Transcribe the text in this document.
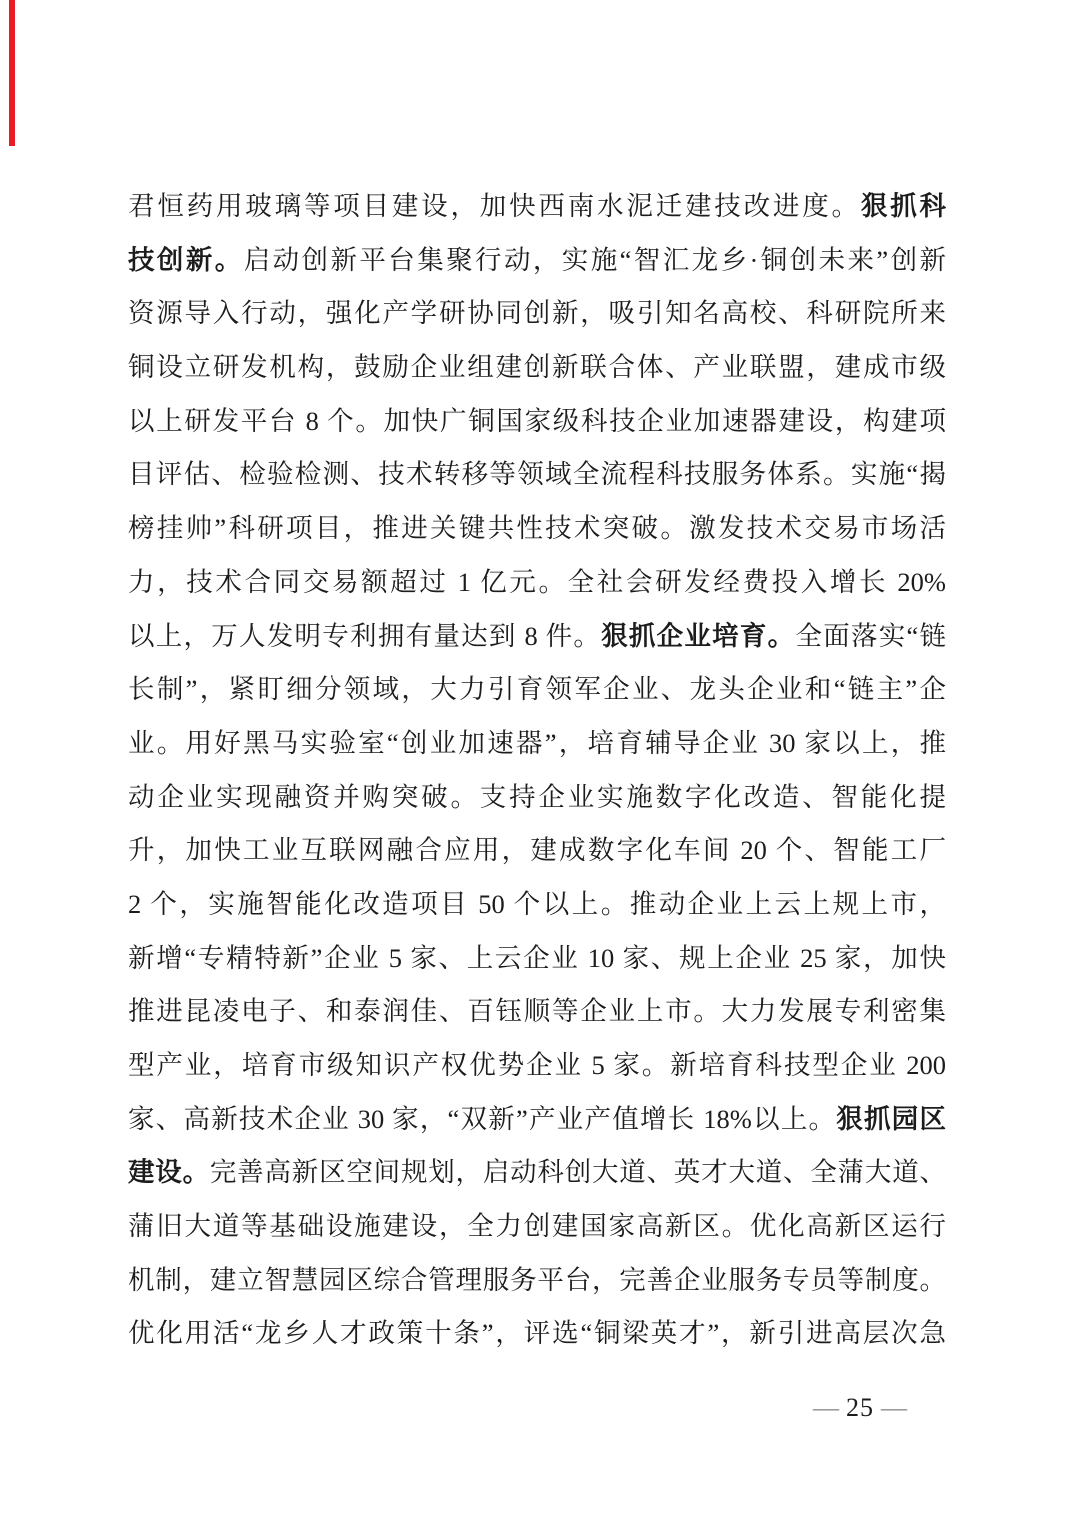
君恒药用玻璃等项目建设，加快西南水泥迁建技改进度。狠抓科
技创新。启动创新平台集聚行动，实施“智汇龙乡·铜创未来”创新
资源导入行动，强化产学研协同创新，吸引知名高校、科研院所来
铜设立研发机构，鼓励企业组建创新联合体、产业联盟，建成市级
以上研发平台 8 个。加快广铜国家级科技企业加速器建设，构建项
目评估、检验检测、技术转移等领域全流程科技服务体系。实施“揭
榜挂帅”科研项目，推进关键共性技术突破。激发技术交易市场活
力，技术合同交易额超过 1 亿元。全社会研发经费投入增长 20%
以上，万人发明专利拥有量达到 8 件。狠抓企业培育。全面落实“链
长制”，紧盯细分领域，大力引育领军企业、龙头企业和“链主”企
业。用好黑马实验室“创业加速器”，培育辅导企业 30 家以上，推
动企业实现融资并购突破。支持企业实施数字化改造、智能化提
升，加快工业互联网融合应用，建成数字化车间 20 个、智能工厂
2 个，实施智能化改造项目 50 个以上。推动企业上云上规上市，
新增“专精特新”企业 5 家、上云企业 10 家、规上企业 25 家，加快
推进昆凌电子、和泰润佳、百钰顺等企业上市。大力发展专利密集
型产业，培育市级知识产权优势企业 5 家。新培育科技型企业 200
家、高新技术企业 30 家，“双新”产业产值增长 18%以上。狠抓园区
建设。完善高新区空间规划，启动科创大道、英才大道、全蒲大道、
蒲旧大道等基础设施建设，全力创建国家高新区。优化高新区运行
机制，建立智慧园区综合管理服务平台，完善企业服务专员等制度。
优化用活“龙乡人才政策十条”，评选“铜梁英才”，新引进高层次急
— 25 —
